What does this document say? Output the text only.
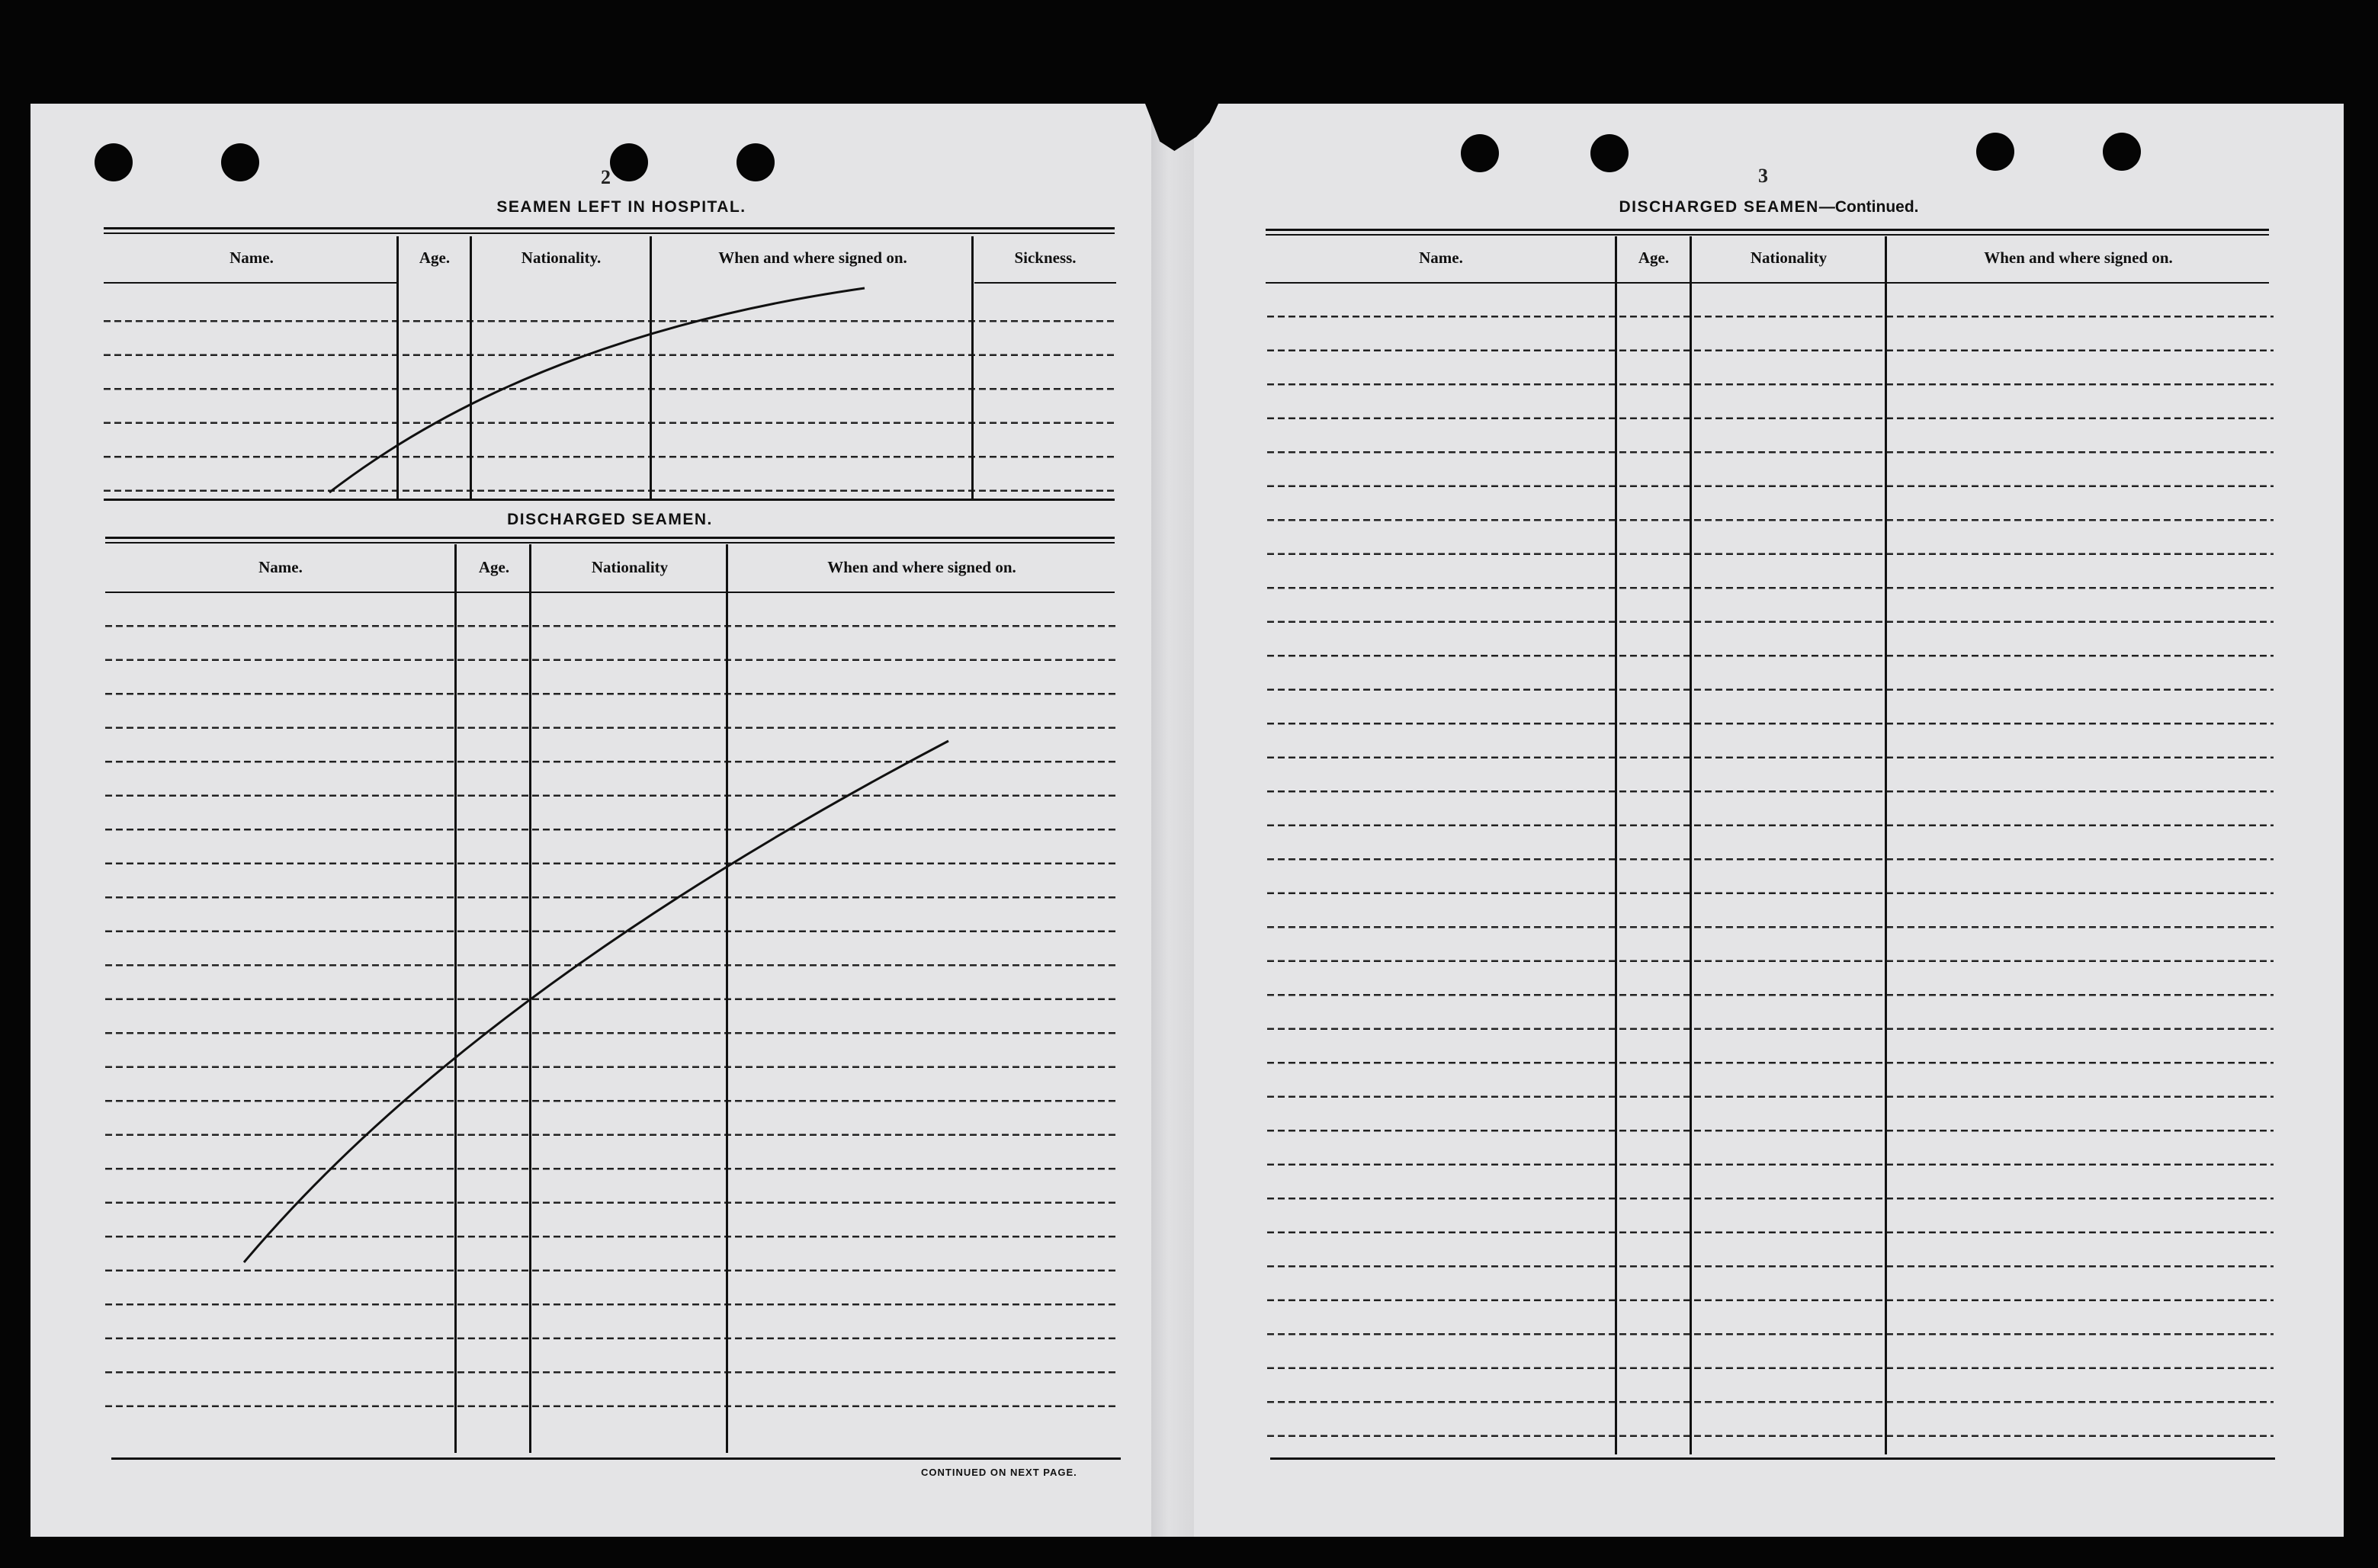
2	3
SEAMEN LEFT IN HOSPITAL.
Name.	Age.	Nationality.	When and where signed on.	Sickness.
DISCHARGED SEAMEN.
Name.	Age.	Nationality	When and where signed on.
CONTINUED ON NEXT PAGE.
DISCHARGED SEAMEN—Continued.
Name.	Age.	Nationality	When and where signed on.
